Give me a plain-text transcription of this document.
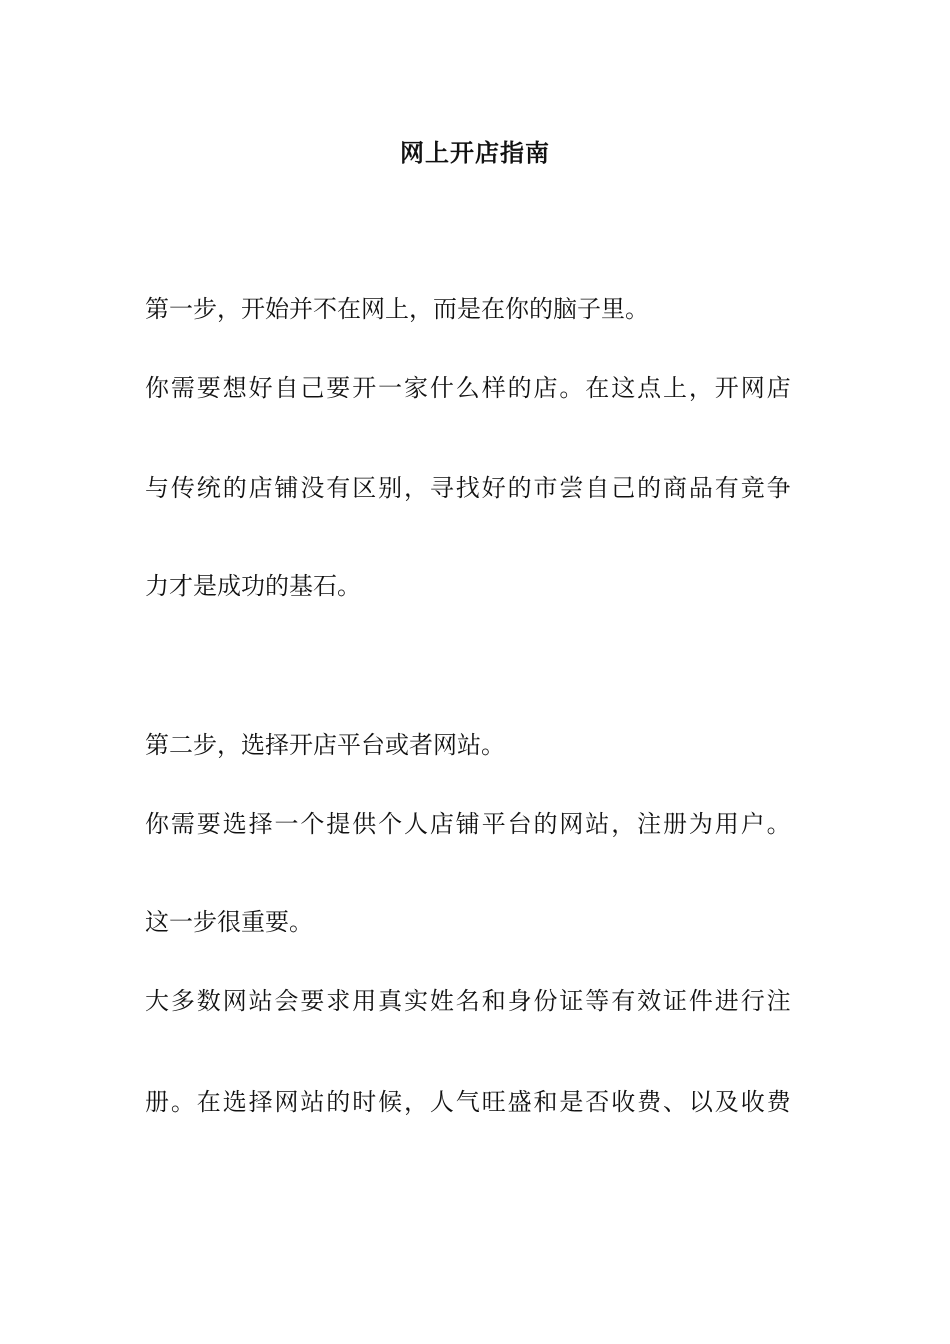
网上开店指南
第一步，开始并不在网上，而是在你的脑子里。
你需要想好自己要开一家什么样的店。在这点上，开网店
与传统的店铺没有区别，寻找好的市尝自己的商品有竞争
力才是成功的基石。
第二步，选择开店平台或者网站。
你需要选择一个提供个人店铺平台的网站，注册为用户。
这一步很重要。
大多数网站会要求用真实姓名和身份证等有效证件进行注
册。在选择网站的时候，人气旺盛和是否收费、以及收费
